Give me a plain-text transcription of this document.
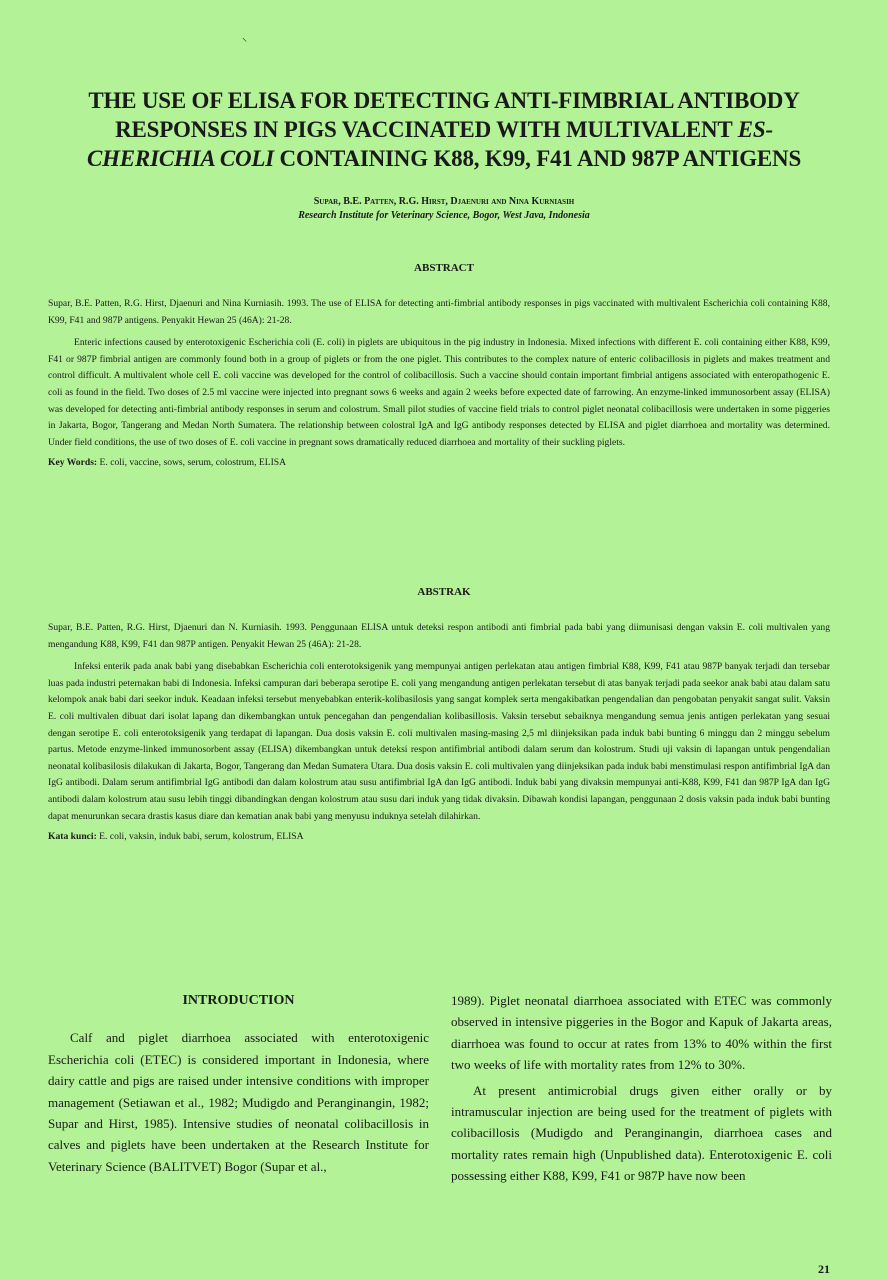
⸌
THE USE OF ELISA FOR DETECTING ANTI-FIMBRIAL ANTIBODY
RESPONSES IN PIGS VACCINATED WITH MULTIVALENT ES-
CHERICHIA COLI CONTAINING K88, K99, F41 AND 987P ANTIGENS
Supar, B.E. Patten, R.G. Hirst, Djaenuri and Nina Kurniasih
Research Institute for Veterinary Science, Bogor, West Java, Indonesia
ABSTRACT

Supar, B.E. Patten, R.G. Hirst, Djaenuri and Nina Kurniasih. 1993. The use of ELISA for detecting anti-fimbrial antibody responses in pigs vaccinated with multivalent Escherichia coli containing K88, K99, F41 and 987P antigens. Penyakit Hewan 25 (46A): 21-28.

Enteric infections caused by enterotoxigenic Escherichia coli (E. coli) in piglets are ubiquitous in the pig industry in Indonesia. Mixed infections with different E. coli containing either K88, K99, F41 or 987P fimbrial antigen are commonly found both in a group of piglets or from the one piglet. This contributes to the complex nature of enteric colibacillosis in piglets and makes treatment and control difficult. A multivalent whole cell E. coli vaccine was developed for the control of colibacillosis. Such a vaccine should contain important fimbrial antigens associated with enteropathogenic E. coli as found in the field. Two doses of 2.5 ml vaccine were injected into pregnant sows 6 weeks and again 2 weeks before expected date of farrowing. An enzyme-linked immunosorbent assay (ELISA) was developed for detecting anti-fimbrial antibody responses in serum and colostrum. Small pilot studies of vaccine field trials to control piglet neonatal colibacillosis were undertaken in some piggeries in Jakarta, Bogor, Tangerang and Medan North Sumatera. The relationship between colostral IgA and IgG antibody responses detected by ELISA and piglet diarrhoea and mortality was determined. Under field conditions, the use of two doses of E. coli vaccine in pregnant sows dramatically reduced diarrhoea and mortality of their suckling piglets.

Key Words: E. coli, vaccine, sows, serum, colostrum, ELISA

ABSTRAK

Supar, B.E. Patten, R.G. Hirst, Djaenuri dan N. Kurniasih. 1993. Penggunaan ELISA untuk deteksi respon antibodi anti fimbrial pada babi yang diimunisasi dengan vaksin E. coli multivalen yang mengandung K88, K99, F41 dan 987P antigen. Penyakit Hewan 25 (46A): 21-28.

Infeksi enterik pada anak babi yang disebabkan Escherichia coli enterotoksigenik yang mempunyai antigen perlekatan atau antigen fimbrial K88, K99, F41 atau 987P banyak terjadi dan tersebar luas pada industri peternakan babi di Indonesia. Infeksi campuran dari beberapa serotipe E. coli yang mengandung antigen perlekatan tersebut di atas banyak terjadi pada seekor anak babi atau dalam satu kelompok anak babi dari seekor induk. Keadaan infeksi tersebut menyebabkan enterik-kolibasilosis yang sangat komplek serta mengakibatkan pengendalian dan pengobatan penyakit sangat sulit. Vaksin E. coli multivalen dibuat dari isolat lapang dan dikembangkan untuk pencegahan dan pengendalian kolibasillosis. Vaksin tersebut sebaiknya mengandung semua jenis antigen perlekatan yang sesuai dengan serotipe E. coli enterotoksigenik yang terdapat di lapangan. Dua dosis vaksin E. coli multivalen masing-masing 2,5 ml diinjeksikan pada induk babi bunting 6 minggu dan 2 minggu sebelum partus. Metode enzyme-linked immunosorbent assay (ELISA) dikembangkan untuk deteksi respon antifimbrial antibodi dalam serum dan kolostrum. Studi uji vaksin di lapangan untuk pengendalian neonatal kolibasilosis dilakukan di Jakarta, Bogor, Tangerang dan Medan Sumatera Utara. Dua dosis vaksin E. coli multivalen yang diinjeksikan pada induk babi menstimulasi respon antifimbrial IgA dan IgG antibodi. Dalam serum antifimbrial IgG antibodi dan dalam kolostrum atau susu antifimbrial IgA dan IgG antibodi. Induk babi yang divaksin mempunyai anti-K88, K99, F41 dan 987P IgA dan IgG antibodi dalam kolostrum atau susu lebih tinggi dibandingkan dengan kolostrum atau susu dari induk yang tidak divaksin. Dibawah kondisi lapangan, penggunaan 2 dosis vaksin pada induk babi bunting dapat menurunkan secara drastis kasus diare dan kematian anak babi yang menyusu induknya setelah dilahirkan.

Kata kunci: E. coli, vaksin, induk babi, serum, kolostrum, ELISA

INTRODUCTION

Calf and piglet diarrhoea associated with enterotoxigenic Escherichia coli (ETEC) is considered important in Indonesia, where dairy cattle and pigs are raised under intensive conditions with improper management (Setiawan et al., 1982; Mudigdo and Peranginangin, 1982; Supar and Hirst, 1985). Intensive studies of neonatal colibacillosis in calves and piglets have been undertaken at the Research Institute for Veterinary Science (BALITVET) Bogor (Supar et al.,

1989). Piglet neonatal diarrhoea associated with ETEC was commonly observed in intensive piggeries in the Bogor and Kapuk of Jakarta areas, diarrhoea was found to occur at rates from 13% to 40% within the first two weeks of life with mortality rates from 12% to 30%.

At present antimicrobial drugs given either orally or by intramuscular injection are being used for the treatment of piglets with colibacillosis (Mudigdo and Peranginangin, diarrhoea cases and mortality rates remain high (Unpublished data). Enterotoxigenic E. coli possessing either K88, K99, F41 or 987P have now been

21
